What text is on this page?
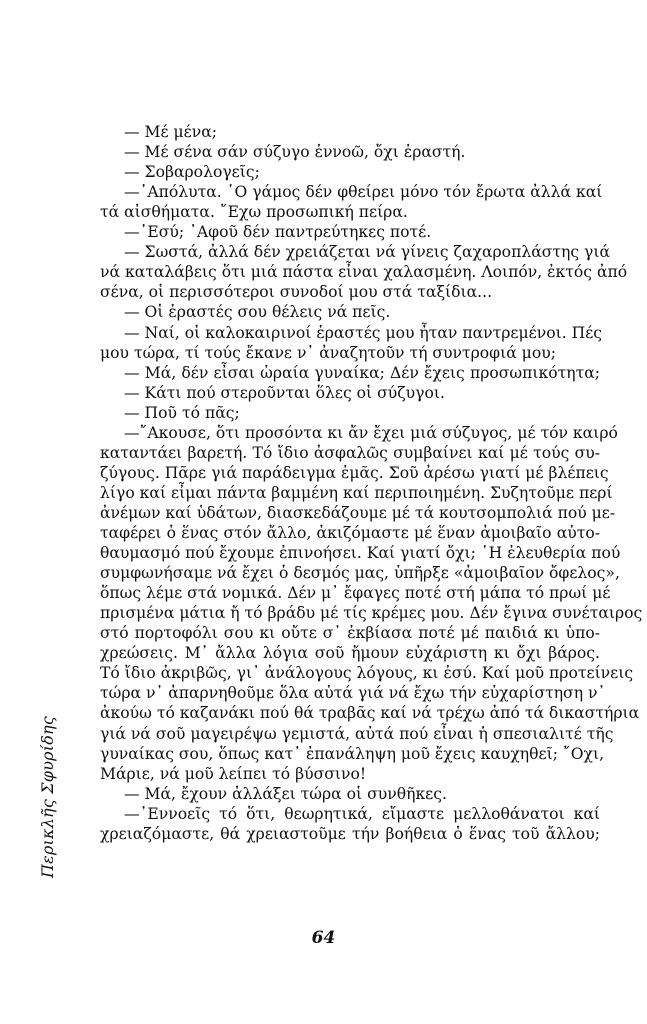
Περικλῆς Σφυρίδης
— Μέ μένα;
— Μέ σένα σάν σύζυγο ἐννοῶ, ὄχι ἐραστή.
— Σοβαρολογεῖς;
—᾿Απόλυτα. ῾Ο γάμος δέν φθείρει μόνο τόν ἔρωτα ἀλλά καί
τά αἰσθήματα. ῎Εχω προσωπική πείρα.
—᾿Εσύ; ᾿Αφοῦ δέν παντρεύτηκες ποτέ.
— Σωστά, ἀλλά δέν χρειάζεται νά γίνεις ζαχαροπλάστης γιά
νά καταλάβεις ὅτι μιά πάστα εἶναι χαλασμένη. Λοιπόν, ἐκτός ἀπό
σένα, οἱ περισσότεροι συνοδοί μου στά ταξίδια...
— Οἱ ἐραστές σου θέλεις νά πεῖς.
— Ναί, οἱ καλοκαιρινοί ἐραστές μου ἦταν παντρεμένοι. Πές
μου τώρα, τί τούς ἔκανε ν᾿ ἀναζητοῦν τή συντροφιά μου;
— Μά, δέν εἶσαι ὡραία γυναίκα; Δέν ἔχεις προσωπικότητα;
— Κάτι πού στεροῦνται ὅλες οἱ σύζυγοι.
— Ποῦ τό πᾶς;
—῎Ακουσε, ὅτι προσόντα κι ἄν ἔχει μιά σύζυγος, μέ τόν καιρό
καταντάει βαρετή. Τό ἴδιο ἀσφαλῶς συμβαίνει καί μέ τούς συ-
ζύγους. Πᾶρε γιά παράδειγμα ἐμᾶς. Σοῦ ἀρέσω γιατί μέ βλέπεις
λίγο καί εἶμαι πάντα βαμμένη καί περιποιημένη. Συζητοῦμε περί
ἀνέμων καί ὑδάτων, διασκεδάζουμε μέ τά κουτσομπολιά πού με-
ταφέρει ὁ ἕνας στόν ἄλλο, ἀκιζόμαστε μέ ἕναν ἀμοιβαῖο αὐτο-
θαυμασμό πού ἔχουμε ἐπινοήσει. Καί γιατί ὄχι; ῾Η ἐλευθερία πού
συμφωνήσαμε νά ἔχει ὁ δεσμός μας, ὑπῆρξε «ἀμοιβαῖον ὄφελος»,
ὅπως λέμε στά νομικά. Δέν μ᾿ ἔφαγες ποτέ στή μάπα τό πρωί μέ
πρισμένα μάτια ἤ τό βράδυ μέ τίς κρέμες μου. Δέν ἔγινα συνέταιρος
στό πορτοφόλι σου κι οὔτε σ᾿ ἐκβίασα ποτέ μέ παιδιά κι ὑπο-
χρεώσεις. Μ᾿ ἄλλα λόγια σοῦ ἤμουν εὐχάριστη κι ὄχι βάρος.
Τό ἴδιο ἀκριβῶς, γι᾿ ἀνάλογους λόγους, κι ἐσύ. Καί μοῦ προτείνεις
τώρα ν᾿ ἀπαρνηθοῦμε ὅλα αὐτά γιά νά ἔχω τήν εὐχαρίστηση ν᾿
ἀκούω τό καζανάκι πού θά τραβᾶς καί νά τρέχω ἀπό τά δικαστήρια
γιά νά σοῦ μαγειρέψω γεμιστά, αὐτά πού εἶναι ἡ σπεσιαλιτέ τῆς
γυναίκας σου, ὅπως κατ᾿ ἐπανάληψη μοῦ ἔχεις καυχηθεῖ; ῎Οχι,
Μάριε, νά μοῦ λείπει τό βύσσινο!
— Μά, ἔχουν ἀλλάξει τώρα οἱ συνθῆκες.
—᾿Εννοεῖς τό ὅτι, θεωρητικά, εἴμαστε μελλοθάνατοι καί
χρειαζόμαστε, θά χρειαστοῦμε τήν βοήθεια ὁ ἕνας τοῦ ἄλλου;
64
